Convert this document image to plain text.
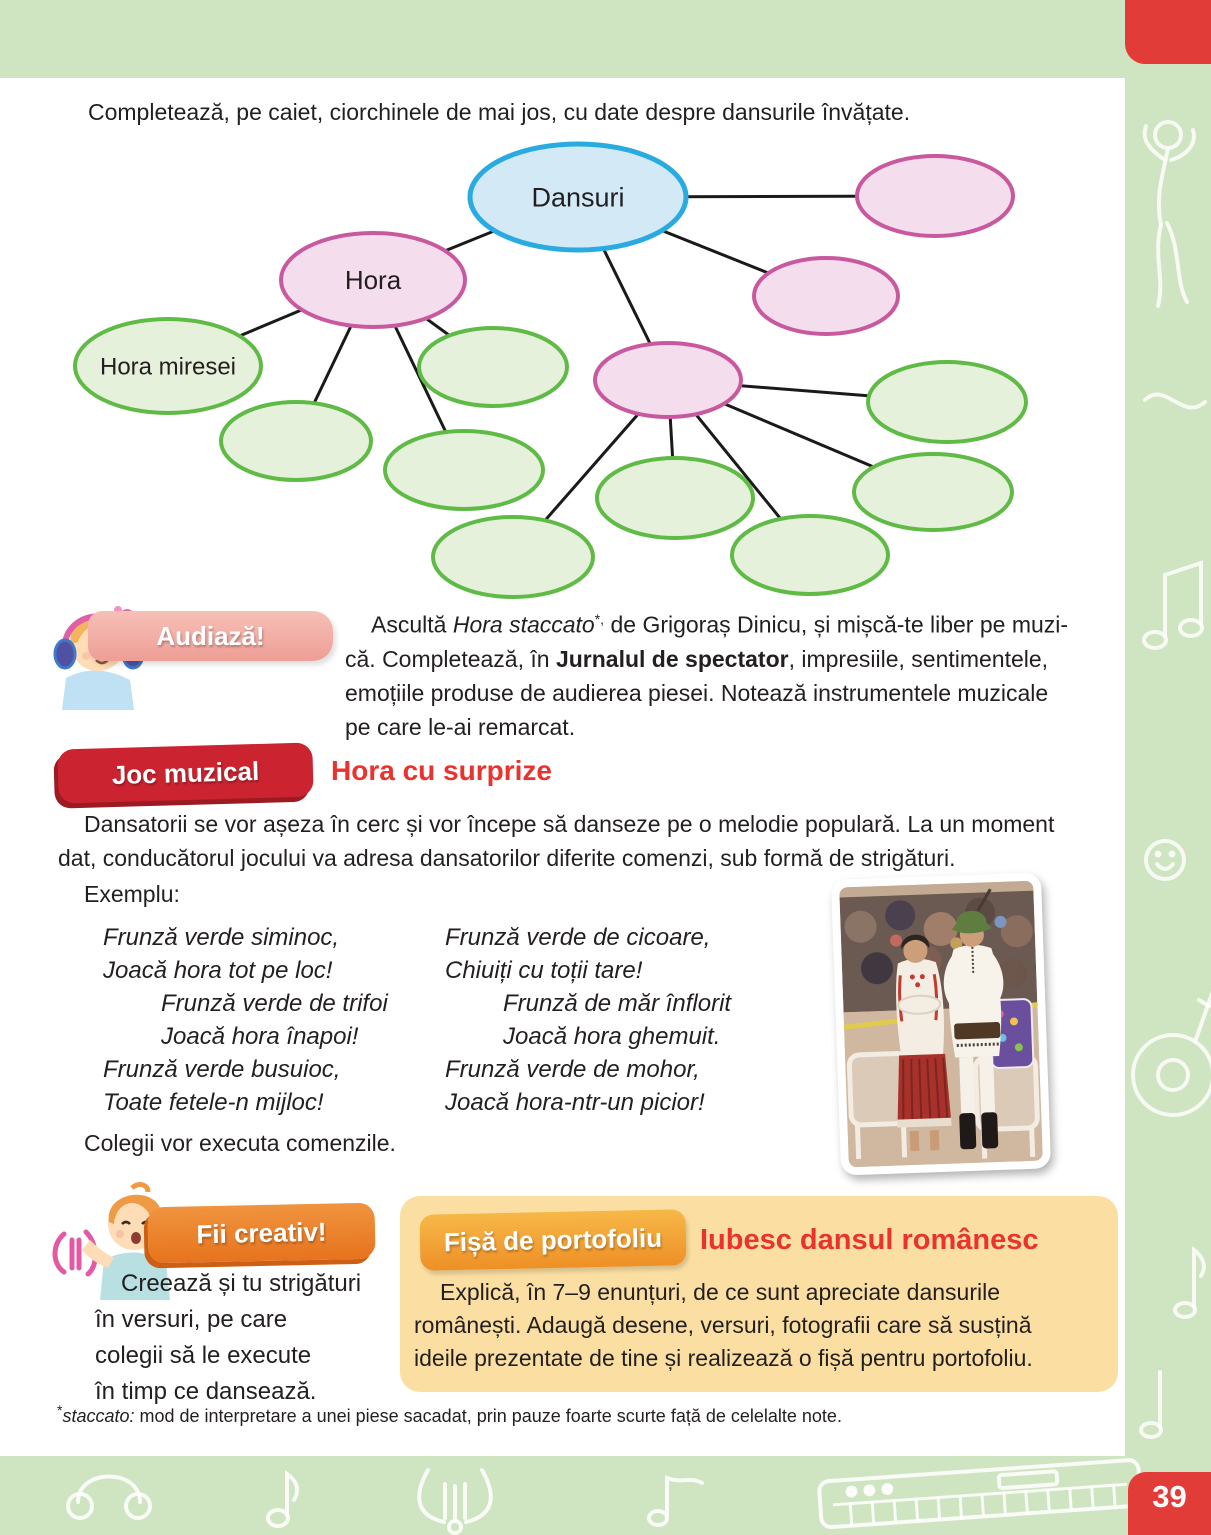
39
Completează, pe caiet, ciorchinele de mai jos, cu date despre dansurile învățate.
Dansuri
Hora
Hora miresei
Audiază!	Ascultă Hora staccato*, de Grigoraș Dinicu, și mișcă-te liber pe muzi-
că. Completează, în Jurnalul de spectator, impresiile, sentimentele,
emoțiile produse de audierea piesei. Notează instrumentele muzicale
pe care le-ai remarcat.
Joc muzical	Hora cu surprize
Dansatorii se vor așeza în cerc și vor începe să danseze pe o melodie populară. La un moment
dat, conducătorul jocului va adresa dansatorilor diferite comenzi, sub formă de strigături.
Exemplu:
Frunză verde siminoc,
Joacă hora tot pe loc!
Frunză verde de trifoi
Joacă hora înapoi!
Frunză verde busuioc,
Toate fetele-n mijloc!
Frunză verde de cicoare,
Chiuiți cu toții tare!
Frunză de măr înflorit
Joacă hora ghemuit.
Frunză verde de mohor,
Joacă hora-ntr-un picior!
Colegii vor executa comenzile.
Fii creativ!
Creează și tu strigături
în versuri, pe care
colegii să le execute
în timp ce dansează.
Fișă de portofoliu Iubesc dansul românesc
Explică, în 7–9 enunțuri, de ce sunt apreciate dansurile
românești. Adaugă desene, versuri, fotografii care să susțină
ideile prezentate de tine și realizează o fișă pentru portofoliu.
*staccato: mod de interpretare a unei piese sacadat, prin pauze foarte scurte față de celelalte note.
